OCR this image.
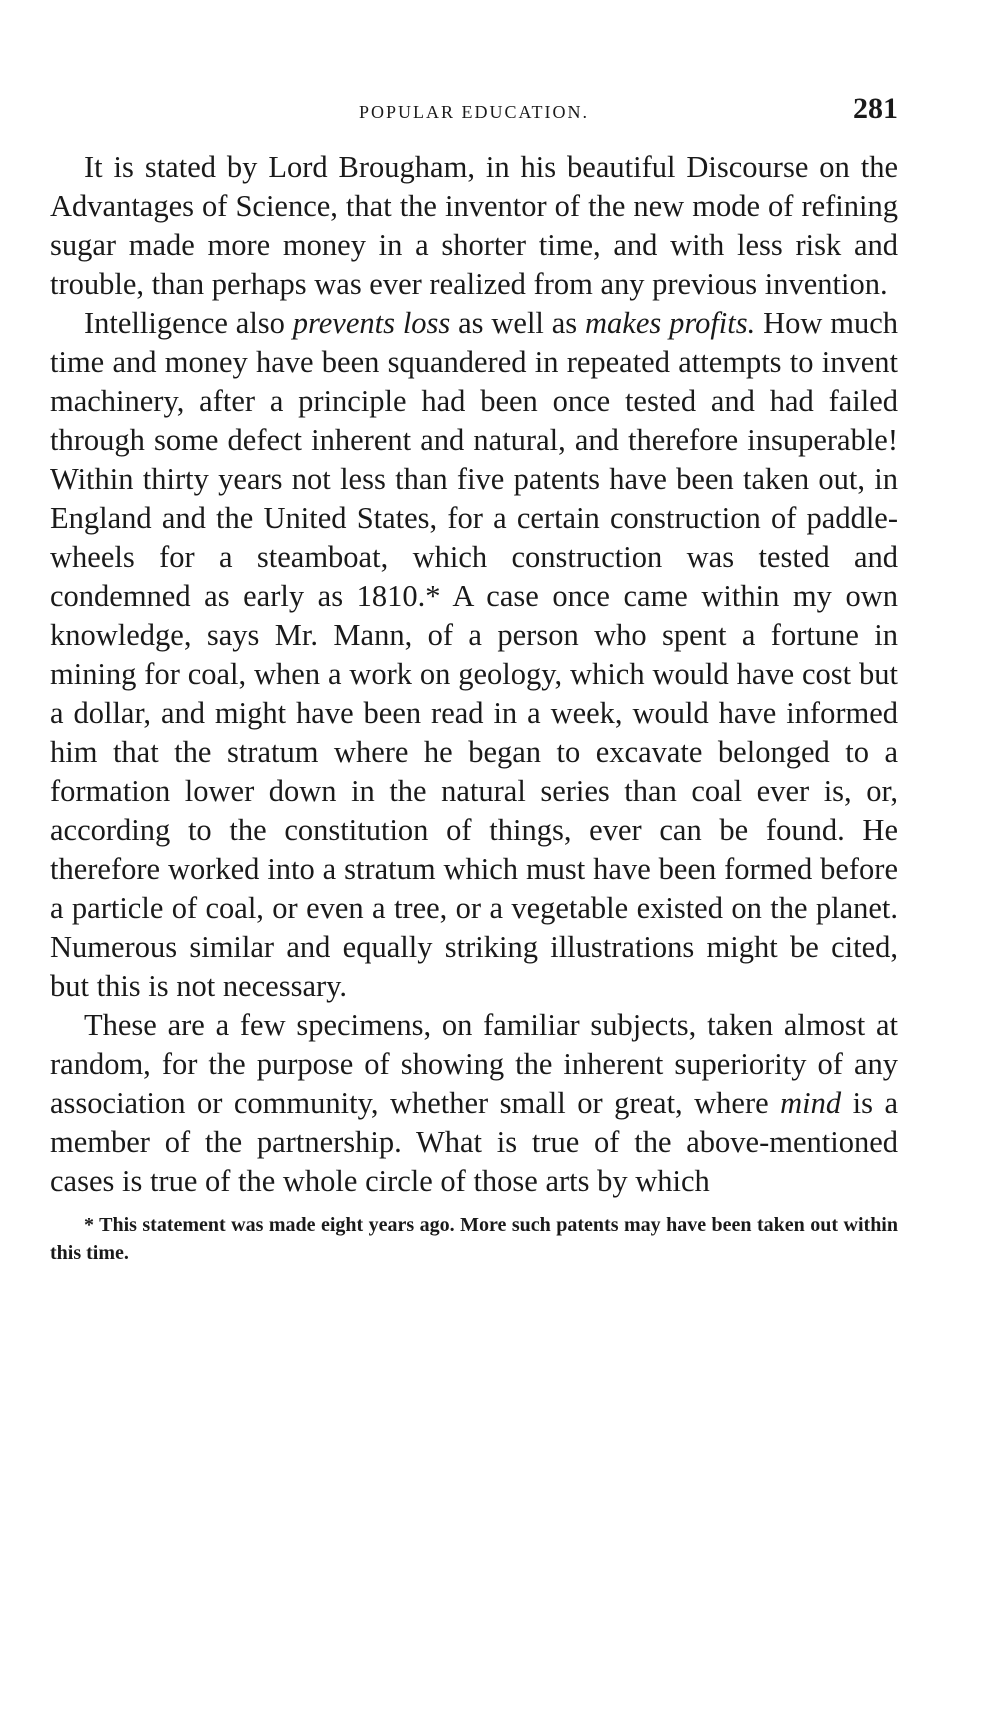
POPULAR EDUCATION.	281

It is stated by Lord Brougham, in his beautiful Discourse on the Advantages of Science, that the inventor of the new mode of refining sugar made more money in a shorter time, and with less risk and trouble, than perhaps was ever realized from any previous invention.

Intelligence also prevents loss as well as makes profits. How much time and money have been squandered in repeated attempts to invent machinery, after a principle had been once tested and had failed through some defect inherent and natural, and therefore insuperable! Within thirty years not less than five patents have been taken out, in England and the United States, for a certain construction of paddle-wheels for a steamboat, which construction was tested and condemned as early as 1810.* A case once came within my own knowledge, says Mr. Mann, of a person who spent a fortune in mining for coal, when a work on geology, which would have cost but a dollar, and might have been read in a week, would have informed him that the stratum where he began to excavate belonged to a formation lower down in the natural series than coal ever is, or, according to the constitution of things, ever can be found. He therefore worked into a stratum which must have been formed before a particle of coal, or even a tree, or a vegetable existed on the planet. Numerous similar and equally striking illustrations might be cited, but this is not necessary.

These are a few specimens, on familiar subjects, taken almost at random, for the purpose of showing the inherent superiority of any association or community, whether small or great, where mind is a member of the partnership. What is true of the above-mentioned cases is true of the whole circle of those arts by which

* This statement was made eight years ago. More such patents may have been taken out within this time.
